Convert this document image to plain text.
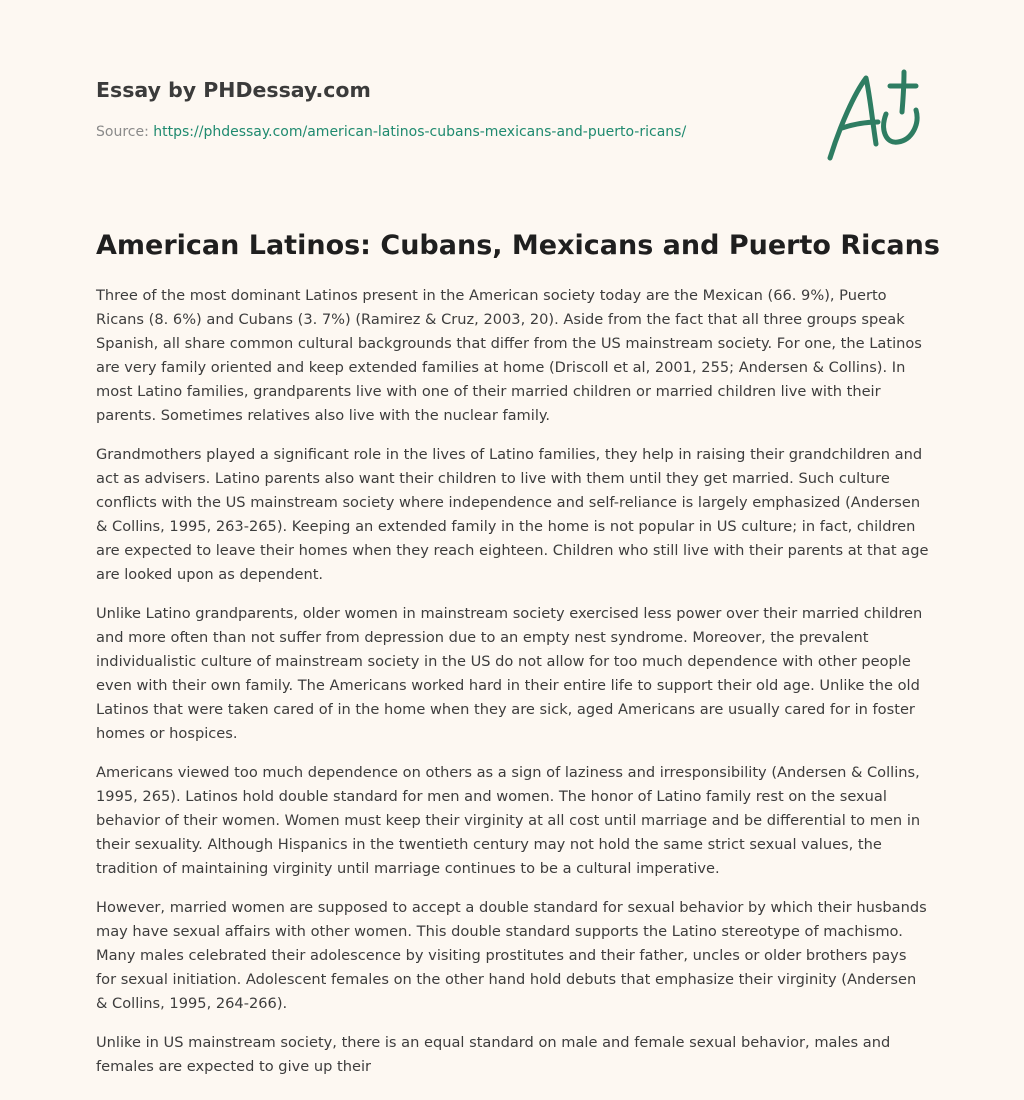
Essay by PHDessay.com
Source: https://phdessay.com/american-latinos-cubans-mexicans-and-puerto-ricans/
American Latinos: Cubans, Mexicans and Puerto Ricans

Three of the most dominant Latinos present in the American society today are the Mexican (66. 9%), Puerto Ricans (8. 6%) and Cubans (3. 7%) (Ramirez & Cruz, 2003, 20). Aside from the fact that all three groups speak Spanish, all share common cultural backgrounds that differ from the US mainstream society. For one, the Latinos are very family oriented and keep extended families at home (Driscoll et al, 2001, 255; Andersen & Collins). In most Latino families, grandparents live with one of their married children or married children live with their parents. Sometimes relatives also live with the nuclear family.

Grandmothers played a significant role in the lives of Latino families, they help in raising their grandchildren and act as advisers. Latino parents also want their children to live with them until they get married. Such culture conflicts with the US mainstream society where independence and self-reliance is largely emphasized (Andersen & Collins, 1995, 263-265). Keeping an extended family in the home is not popular in US culture; in fact, children are expected to leave their homes when they reach eighteen. Children who still live with their parents at that age are looked upon as dependent.

Unlike Latino grandparents, older women in mainstream society exercised less power over their married children and more often than not suffer from depression due to an empty nest syndrome. Moreover, the prevalent individualistic culture of mainstream society in the US do not allow for too much dependence with other people even with their own family. The Americans worked hard in their entire life to support their old age. Unlike the old Latinos that were taken cared of in the home when they are sick, aged Americans are usually cared for in foster homes or hospices.

Americans viewed too much dependence on others as a sign of laziness and irresponsibility (Andersen & Collins, 1995, 265). Latinos hold double standard for men and women. The honor of Latino family rest on the sexual behavior of their women. Women must keep their virginity at all cost until marriage and be differential to men in their sexuality. Although Hispanics in the twentieth century may not hold the same strict sexual values, the tradition of maintaining virginity until marriage continues to be a cultural imperative.

However, married women are supposed to accept a double standard for sexual behavior by which their husbands may have sexual affairs with other women. This double standard supports the Latino stereotype of machismo. Many males celebrated their adolescence by visiting prostitutes and their father, uncles or older brothers pays for sexual initiation. Adolescent females on the other hand hold debuts that emphasize their virginity (Andersen & Collins, 1995, 264-266).

Unlike in US mainstream society, there is an equal standard on male and female sexual behavior, males and females are expected to give up their
